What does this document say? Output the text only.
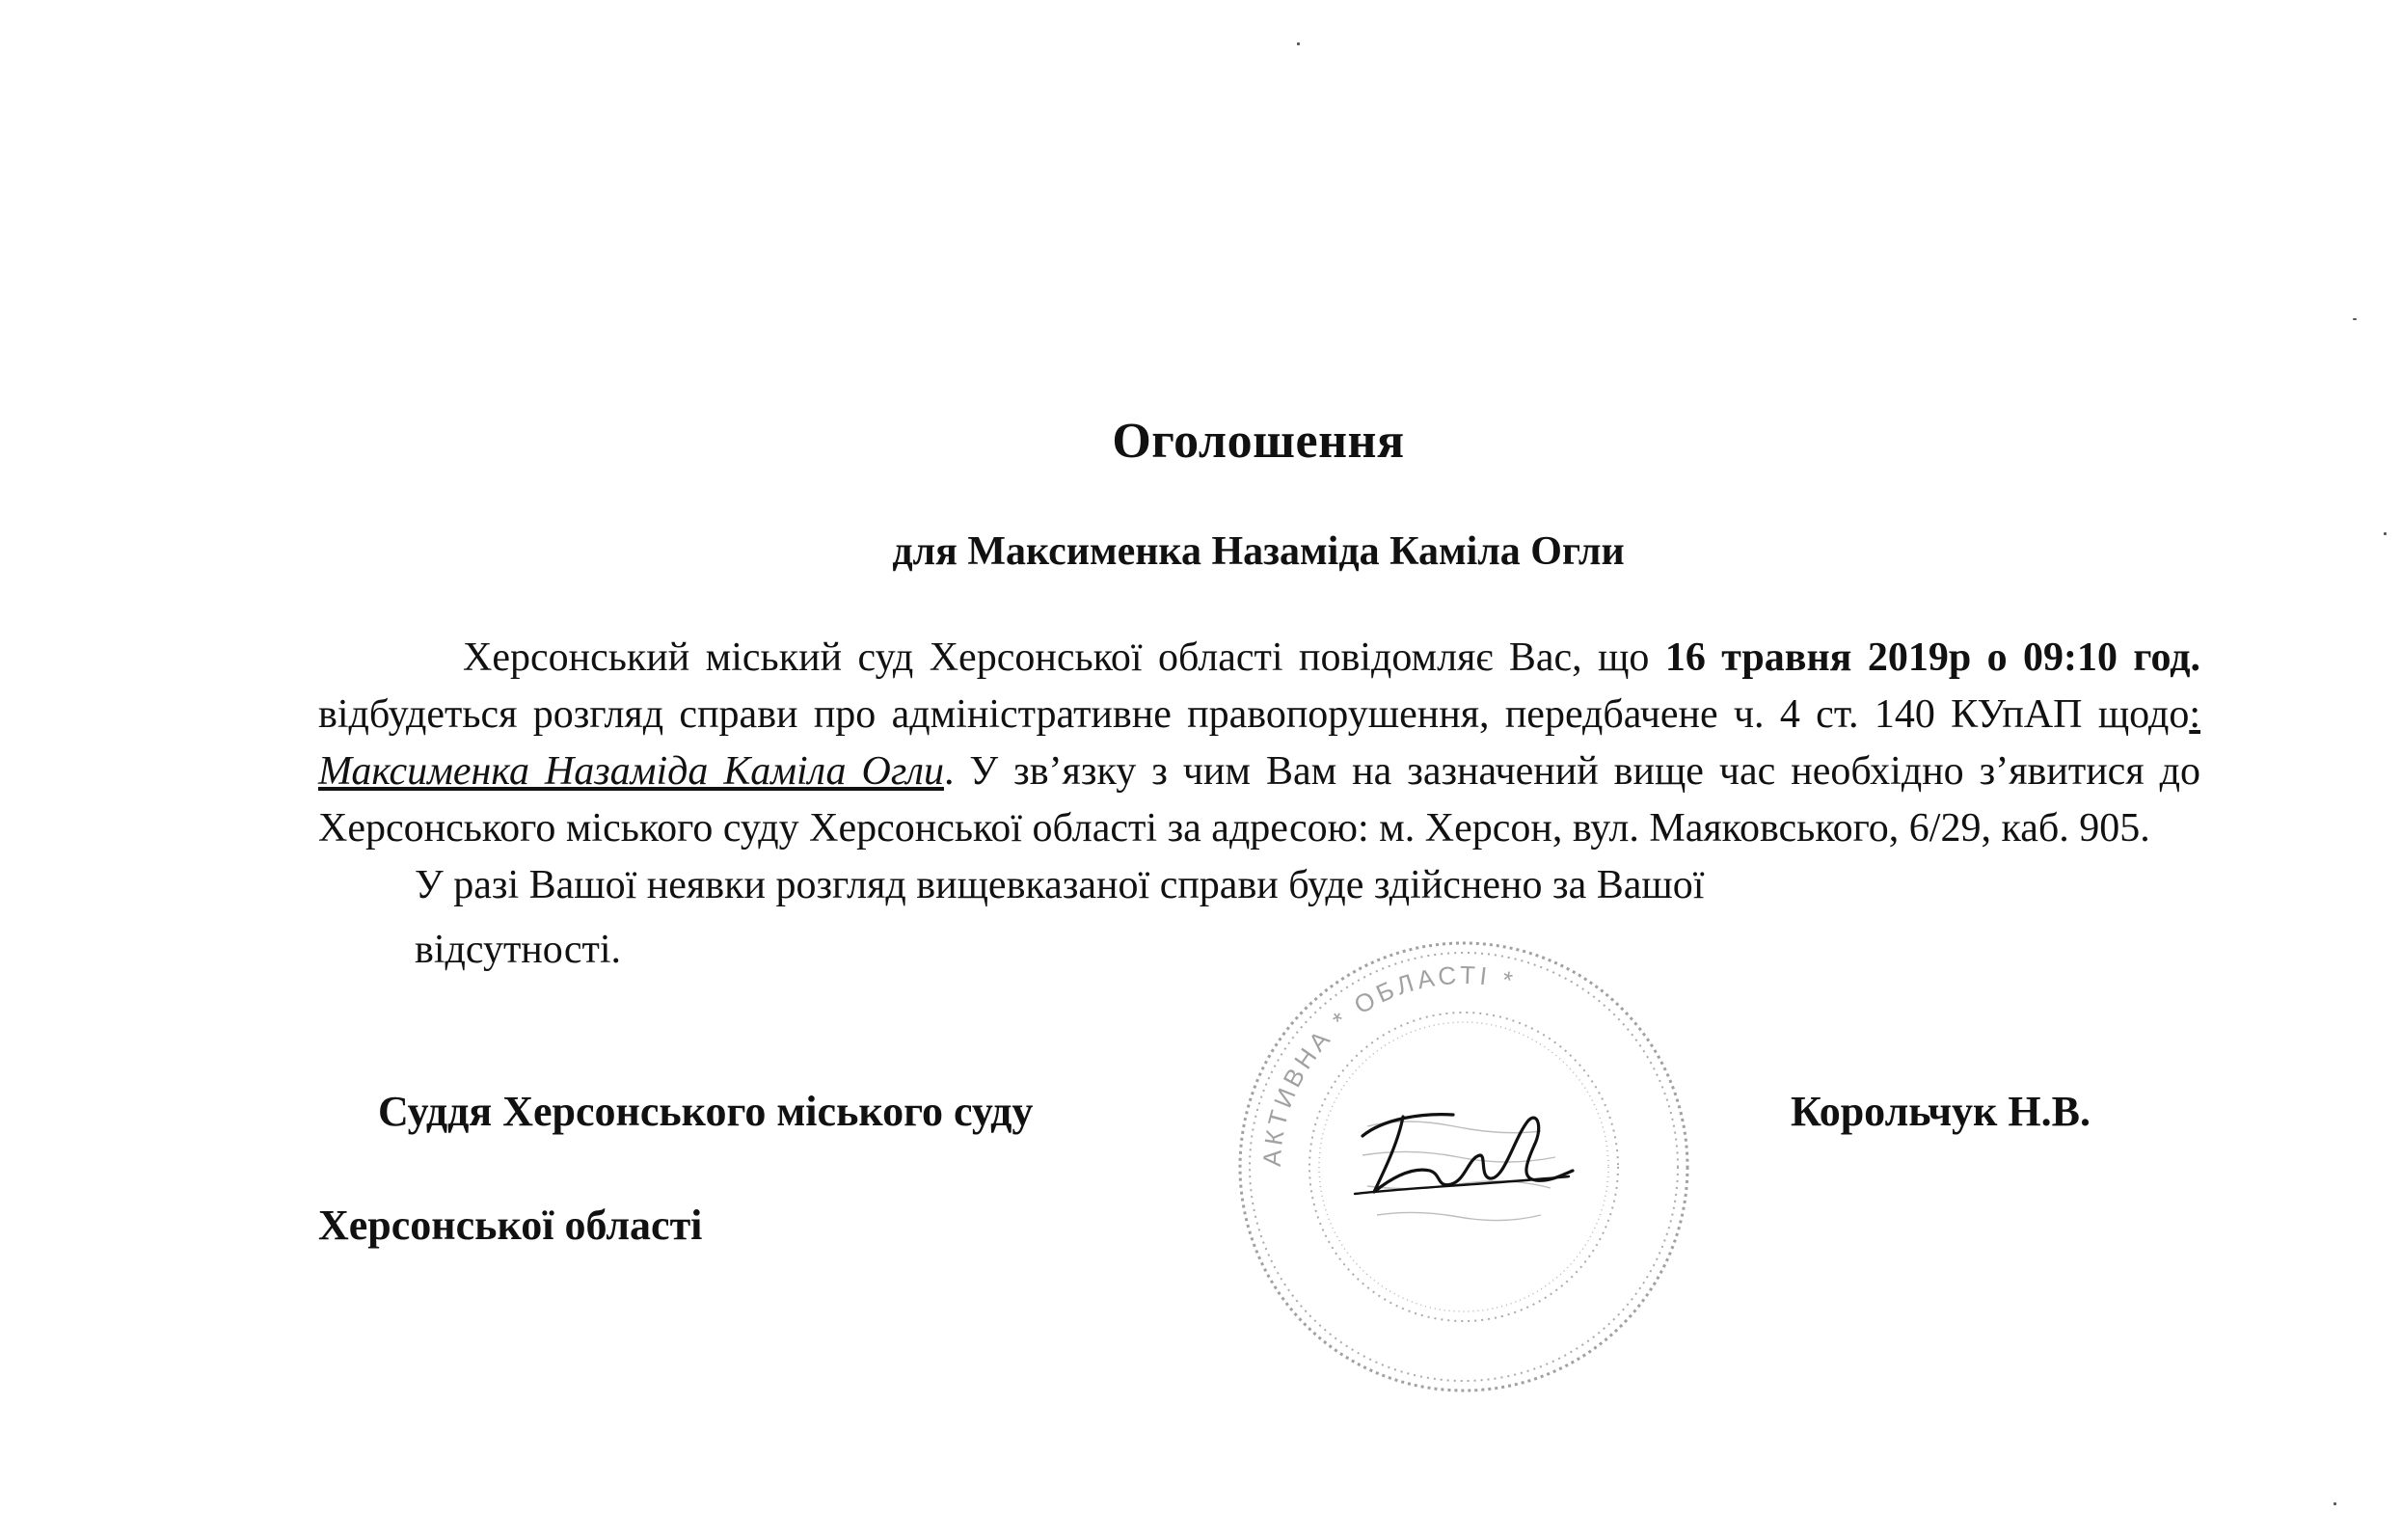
Оголошення
для Максименка Назаміда Каміла Огли

Херсонський міський суд Херсонської області повідомляє Вас, що 16 травня 2019р о 09:10 год. відбудеться розгляд справи про адміністративне правопорушення, передбачене ч. 4 ст. 140 КУпАП щодо: Максименка Назаміда Каміла Огли. У зв’язку з чим Вам на зазначений вище час необхідно з’явитися до Херсонського міського суду Херсонської області за адресою: м. Херсон, вул. Маяковського, 6/29, каб. 905.

У разі Вашої неявки розгляд вищевказаної справи буде здійснено за Вашої
відсутності.

Суддя Херсонського міського суду
Херсонської області
Корольчук Н.В.
АКТИВНА * ОБЛАСТІ *
